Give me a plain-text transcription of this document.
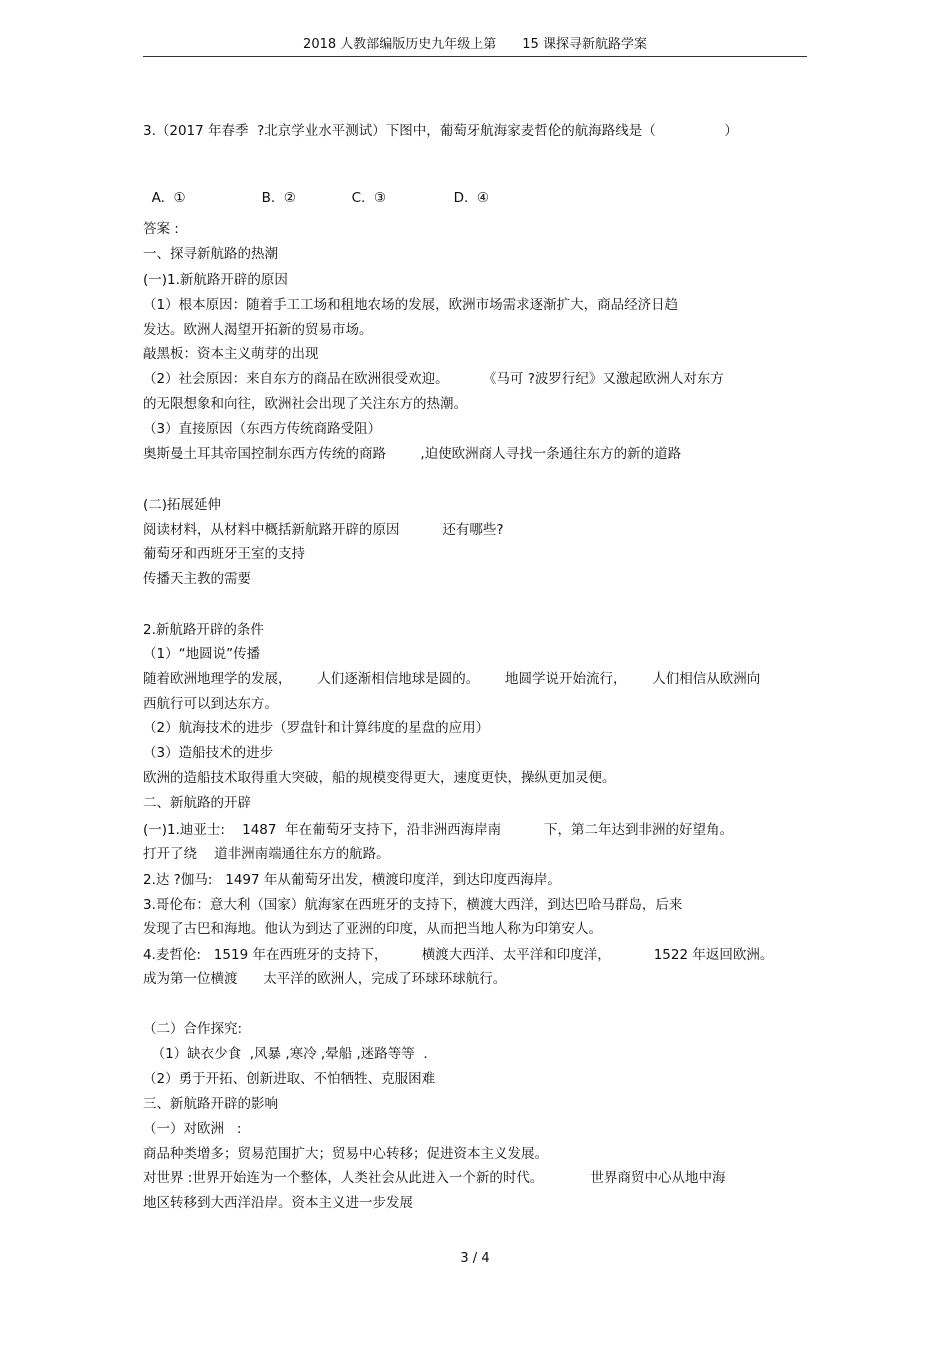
2018 人教部编版历史九年级上第　　15 课探寻新航路学案
3.（2017 年春季  ?北京学业水平测试）下图中，葡萄牙航海家麦哲伦的航海路线是（                ）

A.  ①	B.  ②	C.  ③	D.  ④

答案 :
一、探寻新航路的热潮
(一)1.新航路开辟的原因
（1）根本原因：随着手工工场和租地农场的发展，欧洲市场需求逐渐扩大，商品经济日趋
发达。欧洲人渴望开拓新的贸易市场。
敲黑板：资本主义萌芽的出现
（2）社会原因：来自东方的商品在欧洲很受欢迎。        《马可 ?波罗行纪》又激起欧洲人对东方
的无限想象和向往，欧洲社会出现了关注东方的热潮。
（3）直接原因（东西方传统商路受阻）
奥斯曼土耳其帝国控制东西方传统的商路        ,迫使欧洲商人寻找一条通往东方的新的道路
(二)拓展延伸
阅读材料，从材料中概括新航路开辟的原因          还有哪些?
葡萄牙和西班牙王室的支持
传播天主教的需要
2.新航路开辟的条件
（1）“地圆说”传播
随着欧洲地理学的发展，      人们逐渐相信地球是圆的。      地圆学说开始流行，      人们相信从欧洲向
西航行可以到达东方。
（2）航海技术的进步（罗盘针和计算纬度的星盘的应用）
（3）造船技术的进步
欧洲的造船技术取得重大突破，船的规模变得更大，速度更快，操纵更加灵便。
二、新航路的开辟
(一)1.迪亚士:    1487  年在葡萄牙支持下，沿非洲西海岸南          下，第二年达到非洲的好望角。
打开了绕    道非洲南端通往东方的航路。
2.达 ?伽马:   1497 年从葡萄牙出发，横渡印度洋，到达印度西海岸。
3.哥伦布：意大利（国家）航海家在西班牙的支持下，横渡大西洋，到达巴哈马群岛，后来
发现了古巴和海地。他认为到达了亚洲的印度，从而把当地人称为印第安人。
4.麦哲伦:   1519 年在西班牙的支持下，        横渡大西洋、太平洋和印度洋，          1522 年返回欧洲。
成为第一位横渡      太平洋的欧洲人，完成了环球环球航行。
（二）合作探究:
（1）缺衣少食  ,风暴 ,寒冷 ,晕船 ,迷路等等  .
（2）勇于开拓、创新进取、不怕牺牲、克服困难
三、新航路开辟的影响
（一）对欧洲   :
商品种类增多；贸易范围扩大；贸易中心转移；促进资本主义发展。
对世界 :世界开始连为一个整体，人类社会从此进入一个新的时代。           世界商贸中心从地中海
地区转移到大西洋沿岸。资本主义进一步发展
3 / 4
